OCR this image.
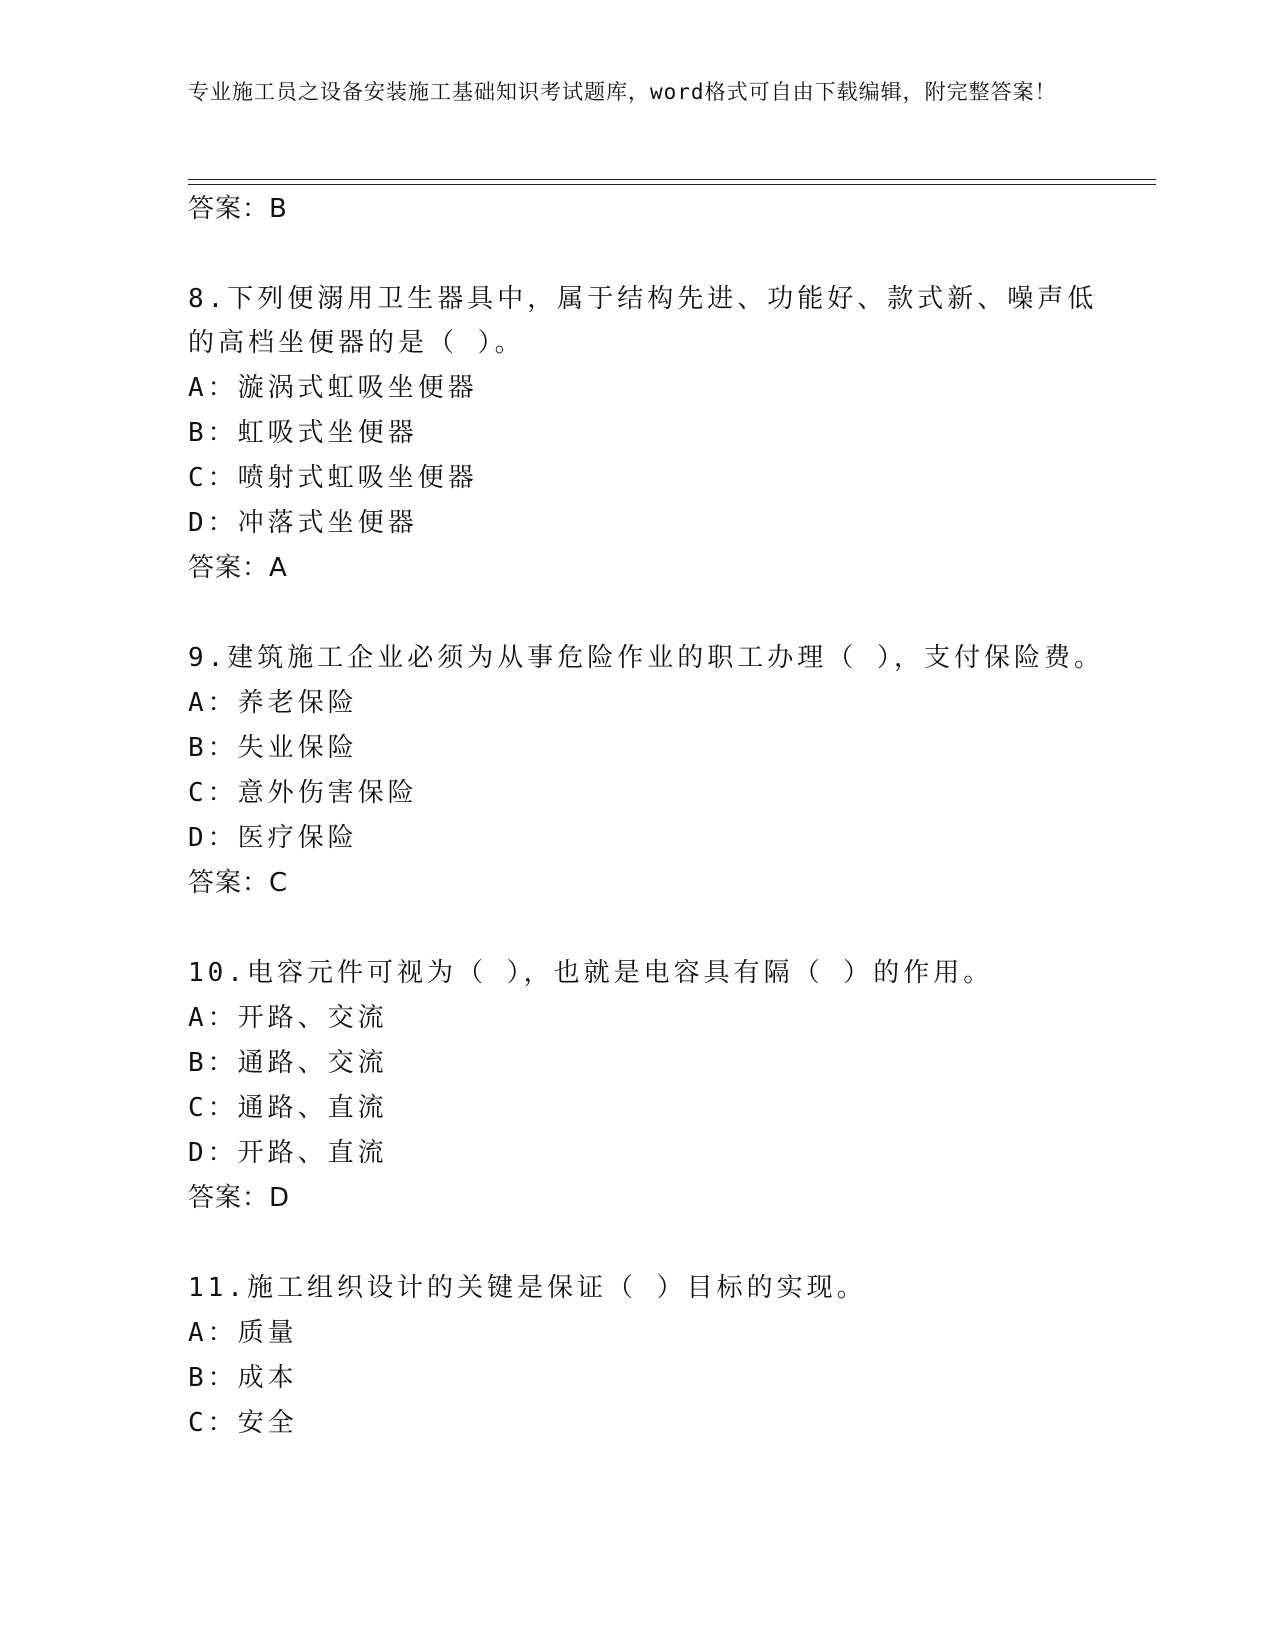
专业施工员之设备安装施工基础知识考试题库，word格式可自由下载编辑，附完整答案！
答案：B
8.下列便溺用卫生器具中，属于结构先进、功能好、款式新、噪声低
的高档坐便器的是（ ）。
A：漩涡式虹吸坐便器
B：虹吸式坐便器
C：喷射式虹吸坐便器
D：冲落式坐便器
答案：A
9.建筑施工企业必须为从事危险作业的职工办理（ ），支付保险费。
A：养老保险
B：失业保险
C：意外伤害保险
D：医疗保险
答案：C
10.电容元件可视为（ ），也就是电容具有隔（ ）的作用。
A：开路、交流
B：通路、交流
C：通路、直流
D：开路、直流
答案：D
11.施工组织设计的关键是保证（ ）目标的实现。
A：质量
B：成本
C：安全
